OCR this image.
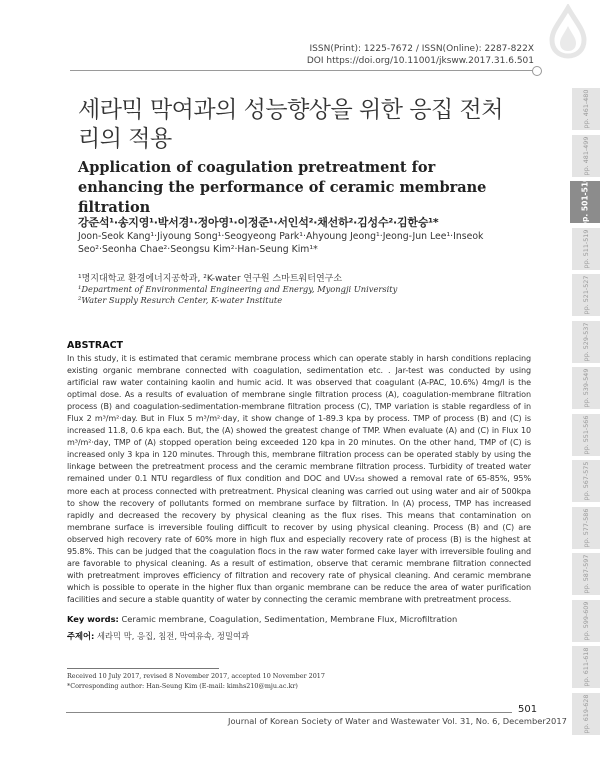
ISSN(Print): 1225-7672 / ISSN(Online): 2287-822X
DOI https://doi.org/10.11001/jksww.2017.31.6.501
세라믹 막여과의 성능향상을 위한 응집 전처리의 적용
Application of coagulation pretreatment for enhancing the performance of ceramic membrane filtration
강준석¹·송지영¹·박서경¹·정아영¹·이정준¹·서인석²·채선하²·김성수²·김한승¹*
Joon-Seok Kang¹·Jiyoung Song¹·Seogyeong Park¹·Ahyoung Jeong¹·Jeong-Jun Lee¹·Inseok Seo²·Seonha Chae²·Seongsu Kim²·Han-Seung Kim¹*
¹명지대학교 환경에너지공학과, ²K-water 연구원 스마트워터연구소
¹Department of Environmental Engineering and Energy, Myongji University
²Water Supply Resurch Center, K-water Institute
ABSTRACT
In this study, it is estimated that ceramic membrane process which can operate stably in harsh conditions replacing existing organic membrane connected with coagulation, sedimentation etc. . Jar-test was conducted by using artificial raw water containing kaolin and humic acid. It was observed that coagulant (A-PAC, 10.6%) 4mg/l is the optimal dose. As a results of evaluation of membrane single filtration process (A), coagulation-membrane filtration process (B) and coagulation-sedimentation-membrane filtration process (C), TMP variation is stable regardless of in Flux 2 m³/m²·day. But in Flux 5 m³/m²·day, it show change of 1-89.3 kpa by process. TMP of process (B) and (C) is increased 11.8, 0.6 kpa each. But, the (A) showed the greatest change of TMP. When evaluate (A) and (C) in Flux 10 m³/m²·day, TMP of (A) stopped operation being exceeded 120 kpa in 20 minutes. On the other hand, TMP of (C) is increased only 3 kpa in 120 minutes. Through this, membrane filtration process can be operated stably by using the linkage between the pretreatment process and the ceramic membrane filtration process. Turbidity of treated water remained under 0.1 NTU regardless of flux condition and DOC and UV₂₅₄ showed a removal rate of 65-85%, 95% more each at process connected with pretreatment. Physical cleaning was carried out using water and air of 500kpa to show the recovery of pollutants formed on membrane surface by filtration. In (A) process, TMP has increased rapidly and decreased the recovery by physical cleaning as the flux rises. This means that contamination on membrane surface is irreversible fouling difficult to recover by using physical cleaning. Process (B) and (C) are observed high recovery rate of 60% more in high flux and especially recovery rate of process (B) is the highest at 95.8%. This can be judged that the coagulation flocs in the raw water formed cake layer with irreversible fouling and are favorable to physical cleaning. As a result of estimation, observe that ceramic membrane filtration connected with pretreatment improves efficiency of filtration and recovery rate of physical cleaning. And ceramic membrane which is possible to operate in the higher flux than organic membrane can be reduce the area of water purification facilities and secure a stable quantity of water by connecting the ceramic membrane with pretreatment process.
Key words: Ceramic membrane, Coagulation, Sedimentation, Membrane Flux, Microfiltration
주제어: 세라믹 막, 응집, 침전, 막여유속, 정밀여과
Received 10 July 2017, revised 8 November 2017, accepted 10 November 2017
*Corresponding author: Han-Seung Kim (E-mail: kimhs210@mju.ac.kr)
501
Journal of Korean Society of Water and Wastewater Vol. 31, No. 6, December2017
pp. 461-480
pp. 481-499
pp. 501-510
pp. 511-519
pp. 521-527
pp. 529-537
pp. 539-549
pp. 551-566
pp. 567-575
pp. 577-586
pp. 587-597
pp. 599-609
pp. 611-618
pp. 619-628
